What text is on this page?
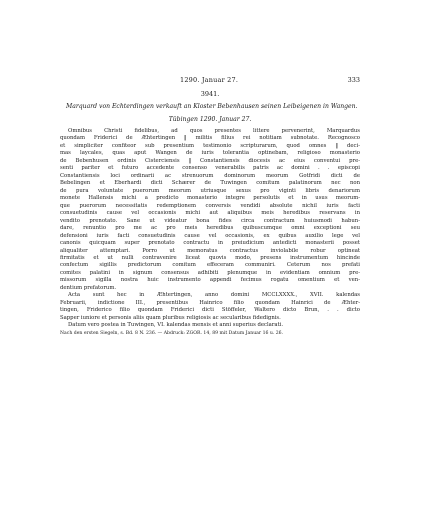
1290. Januar 27.	333
3941.
Marquard von Echterdingen verkauft an Kloster Bebenhausen seinen Leibeigenen in Wangen.
Tübingen 1290. Januar 27.
Omnibus Christi fidelibus, ad quos presentes littere pervenerint, Marquardus
quondam Friderici de Æhtertingen ‖ militis filius rei notitiam subnotate. Recognosco
et simpliciter confiteor sub presentium testimonio scripturarum, quod omnes ‖ deci-
mas laycales, quas aput Wangen de iuris tolerantia optinebam, religioso monasterio
de Bebenhusen ordinis Cisterciensis ‖ Constantiensis diocesis ac eius conventui pre-
senti pariter et futuro accedente consenso venerabilis patris ac domini . . episcopi
Constantiensis loci ordinarii ac strenuorum dominorum meorum Gotfridi dicti de
Bebelingen et Eberhardi dicti Schærer de Tuwingen comitum palatinorum nec non
de pura voluntate puerorum meorum utriusque sexus pro viginti libris denariorum
monete Hallensis michi a predicto monasterio integre persolutis et in usus meorum-
que puerorum necessitatis redemptionem conversis vendidi absolute nichil iuris facti
consuetudinis cause vel occasionis michi aut aliquibus meis heredibus reservans in
vendito prenotato. Sane ut videatur bona fides circa contractum huiusmodi habun-
dare, renuntio pro me ac pro meis heredibus quibuscumque omni exceptioni seu
defensioni iuris facti consuetudinis cause vel occasionis, ex quibus auxilio lege vel
canonis quicquam super prenotato contractu in preiudicium antedicti monasterii posset
aliqualiter attemptari. Porro ut memoratus contractus inviolabile robur optineat
firmitatis et ut nulli contravenire liceat quovis modo, presens instrumentum hincinde
confectum sigillis predictorum comitum effeceram communiri. Ceterum nos prefati
comites palatini in signum consensus adhibiti plenumque in evidentiam omnium pre-
missorum sigilla nostra huic instrumento appendi fecimus rogatu omentium et ven-
dentium prefatorum.
Acta sunt hec in Æhtertingen, anno domini MCCLXXXX., XVII. kalendas
Februarii, indictione III., presentibus Hainrico filio quondam Hainrici de Æhter-
tingen, Friderico filio quondam Friderici dicti Stöffeler, Waltero dicto Brun, . . dicto
Sapper iuniore et personis aliis quam pluribus religiosis ac secularibus fidedignis.
Datum vero postea in Tuwingen, VI. kalendas mensis et anni superius declarati.
Nach den ersten Siegeln, s. Bd. 8 N. 236. — Abdruck: ZGOR. 14, 89 mit Datum Januar 16 u. 26.
